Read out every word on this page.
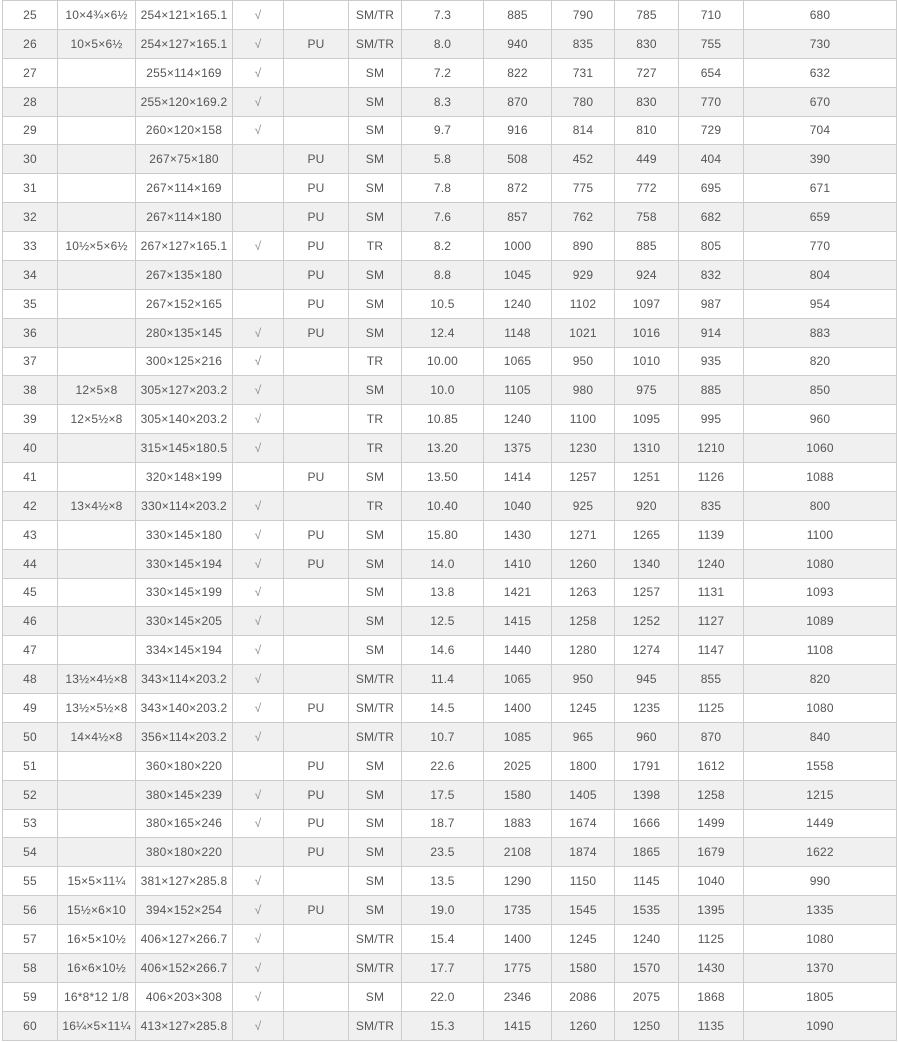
25	10×4¾×6½	254×121×165.1	√		SM/TR	7.3	885	790	785	710	680
26	10×5×6½	254×127×165.1	√	PU	SM/TR	8.0	940	835	830	755	730
27		255×114×169	√		SM	7.2	822	731	727	654	632
28		255×120×169.2	√		SM	8.3	870	780	830	770	670
29		260×120×158	√		SM	9.7	916	814	810	729	704
30		267×75×180		PU	SM	5.8	508	452	449	404	390
31		267×114×169		PU	SM	7.8	872	775	772	695	671
32		267×114×180		PU	SM	7.6	857	762	758	682	659
33	10½×5×6½	267×127×165.1	√	PU	TR	8.2	1000	890	885	805	770
34		267×135×180		PU	SM	8.8	1045	929	924	832	804
35		267×152×165		PU	SM	10.5	1240	1102	1097	987	954
36		280×135×145	√	PU	SM	12.4	1148	1021	1016	914	883
37		300×125×216	√		TR	10.00	1065	950	1010	935	820
38	12×5×8	305×127×203.2	√		SM	10.0	1105	980	975	885	850
39	12×5½×8	305×140×203.2	√		TR	10.85	1240	1100	1095	995	960
40		315×145×180.5	√		TR	13.20	1375	1230	1310	1210	1060
41		320×148×199		PU	SM	13.50	1414	1257	1251	1126	1088
42	13×4½×8	330×114×203.2	√		TR	10.40	1040	925	920	835	800
43		330×145×180	√	PU	SM	15.80	1430	1271	1265	1139	1100
44		330×145×194	√	PU	SM	14.0	1410	1260	1340	1240	1080
45		330×145×199	√		SM	13.8	1421	1263	1257	1131	1093
46		330×145×205	√		SM	12.5	1415	1258	1252	1127	1089
47		334×145×194	√		SM	14.6	1440	1280	1274	1147	1108
48	13½×4½×8	343×114×203.2	√		SM/TR	11.4	1065	950	945	855	820
49	13½×5½×8	343×140×203.2	√	PU	SM/TR	14.5	1400	1245	1235	1125	1080
50	14×4½×8	356×114×203.2	√		SM/TR	10.7	1085	965	960	870	840
51		360×180×220		PU	SM	22.6	2025	1800	1791	1612	1558
52		380×145×239	√	PU	SM	17.5	1580	1405	1398	1258	1215
53		380×165×246	√	PU	SM	18.7	1883	1674	1666	1499	1449
54		380×180×220		PU	SM	23.5	2108	1874	1865	1679	1622
55	15×5×11¼	381×127×285.8	√		SM	13.5	1290	1150	1145	1040	990
56	15½×6×10	394×152×254	√	PU	SM	19.0	1735	1545	1535	1395	1335
57	16×5×10½	406×127×266.7	√		SM/TR	15.4	1400	1245	1240	1125	1080
58	16×6×10½	406×152×266.7	√		SM/TR	17.7	1775	1580	1570	1430	1370
59	16*8*12 1/8	406×203×308	√		SM	22.0	2346	2086	2075	1868	1805
60	16¼×5×11¼	413×127×285.8	√		SM/TR	15.3	1415	1260	1250	1135	1090
